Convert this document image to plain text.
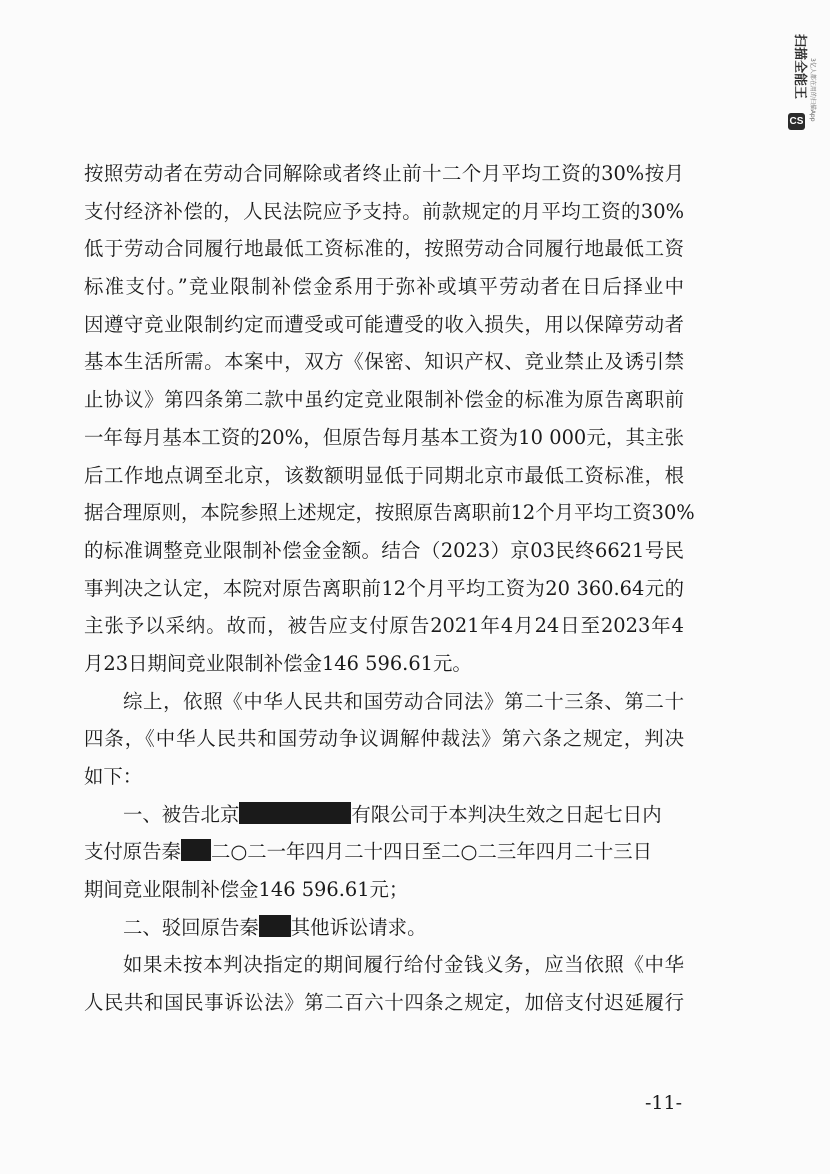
扫描全能王 3亿人都在用的扫描App
CS
按照劳动者在劳动合同解除或者终止前十二个月平均工资的30%按月
支付经济补偿的，人民法院应予支持。前款规定的月平均工资的30%
低于劳动合同履行地最低工资标准的，按照劳动合同履行地最低工资
标准支付。”竞业限制补偿金系用于弥补或填平劳动者在日后择业中
因遵守竞业限制约定而遭受或可能遭受的收入损失，用以保障劳动者
基本生活所需。本案中，双方《保密、知识产权、竞业禁止及诱引禁
止协议》第四条第二款中虽约定竞业限制补偿金的标准为原告离职前
一年每月基本工资的20%，但原告每月基本工资为10 000元，其主张
后工作地点调至北京，该数额明显低于同期北京市最低工资标准，根
据合理原则，本院参照上述规定，按照原告离职前12个月平均工资30%
的标准调整竞业限制补偿金金额。结合（2023）京03民终6621号民
事判决之认定，本院对原告离职前12个月平均工资为20 360.64元的
主张予以采纳。故而，被告应支付原告2021年4月24日至2023年4
月23日期间竞业限制补偿金146 596.61元。
综上，依照《中华人民共和国劳动合同法》第二十三条、第二十
四条，《中华人民共和国劳动争议调解仲裁法》第六条之规定，判决
如下：
一、被告北京	有限公司于本判决生效之日起七日内
支付原告秦 二○二一年四月二十四日至二○二三年四月二十三日
期间竞业限制补偿金146 596.61元；
二、驳回原告秦 其他诉讼请求。
如果未按本判决指定的期间履行给付金钱义务，应当依照《中华
人民共和国民事诉讼法》第二百六十四条之规定，加倍支付迟延履行
-11-
